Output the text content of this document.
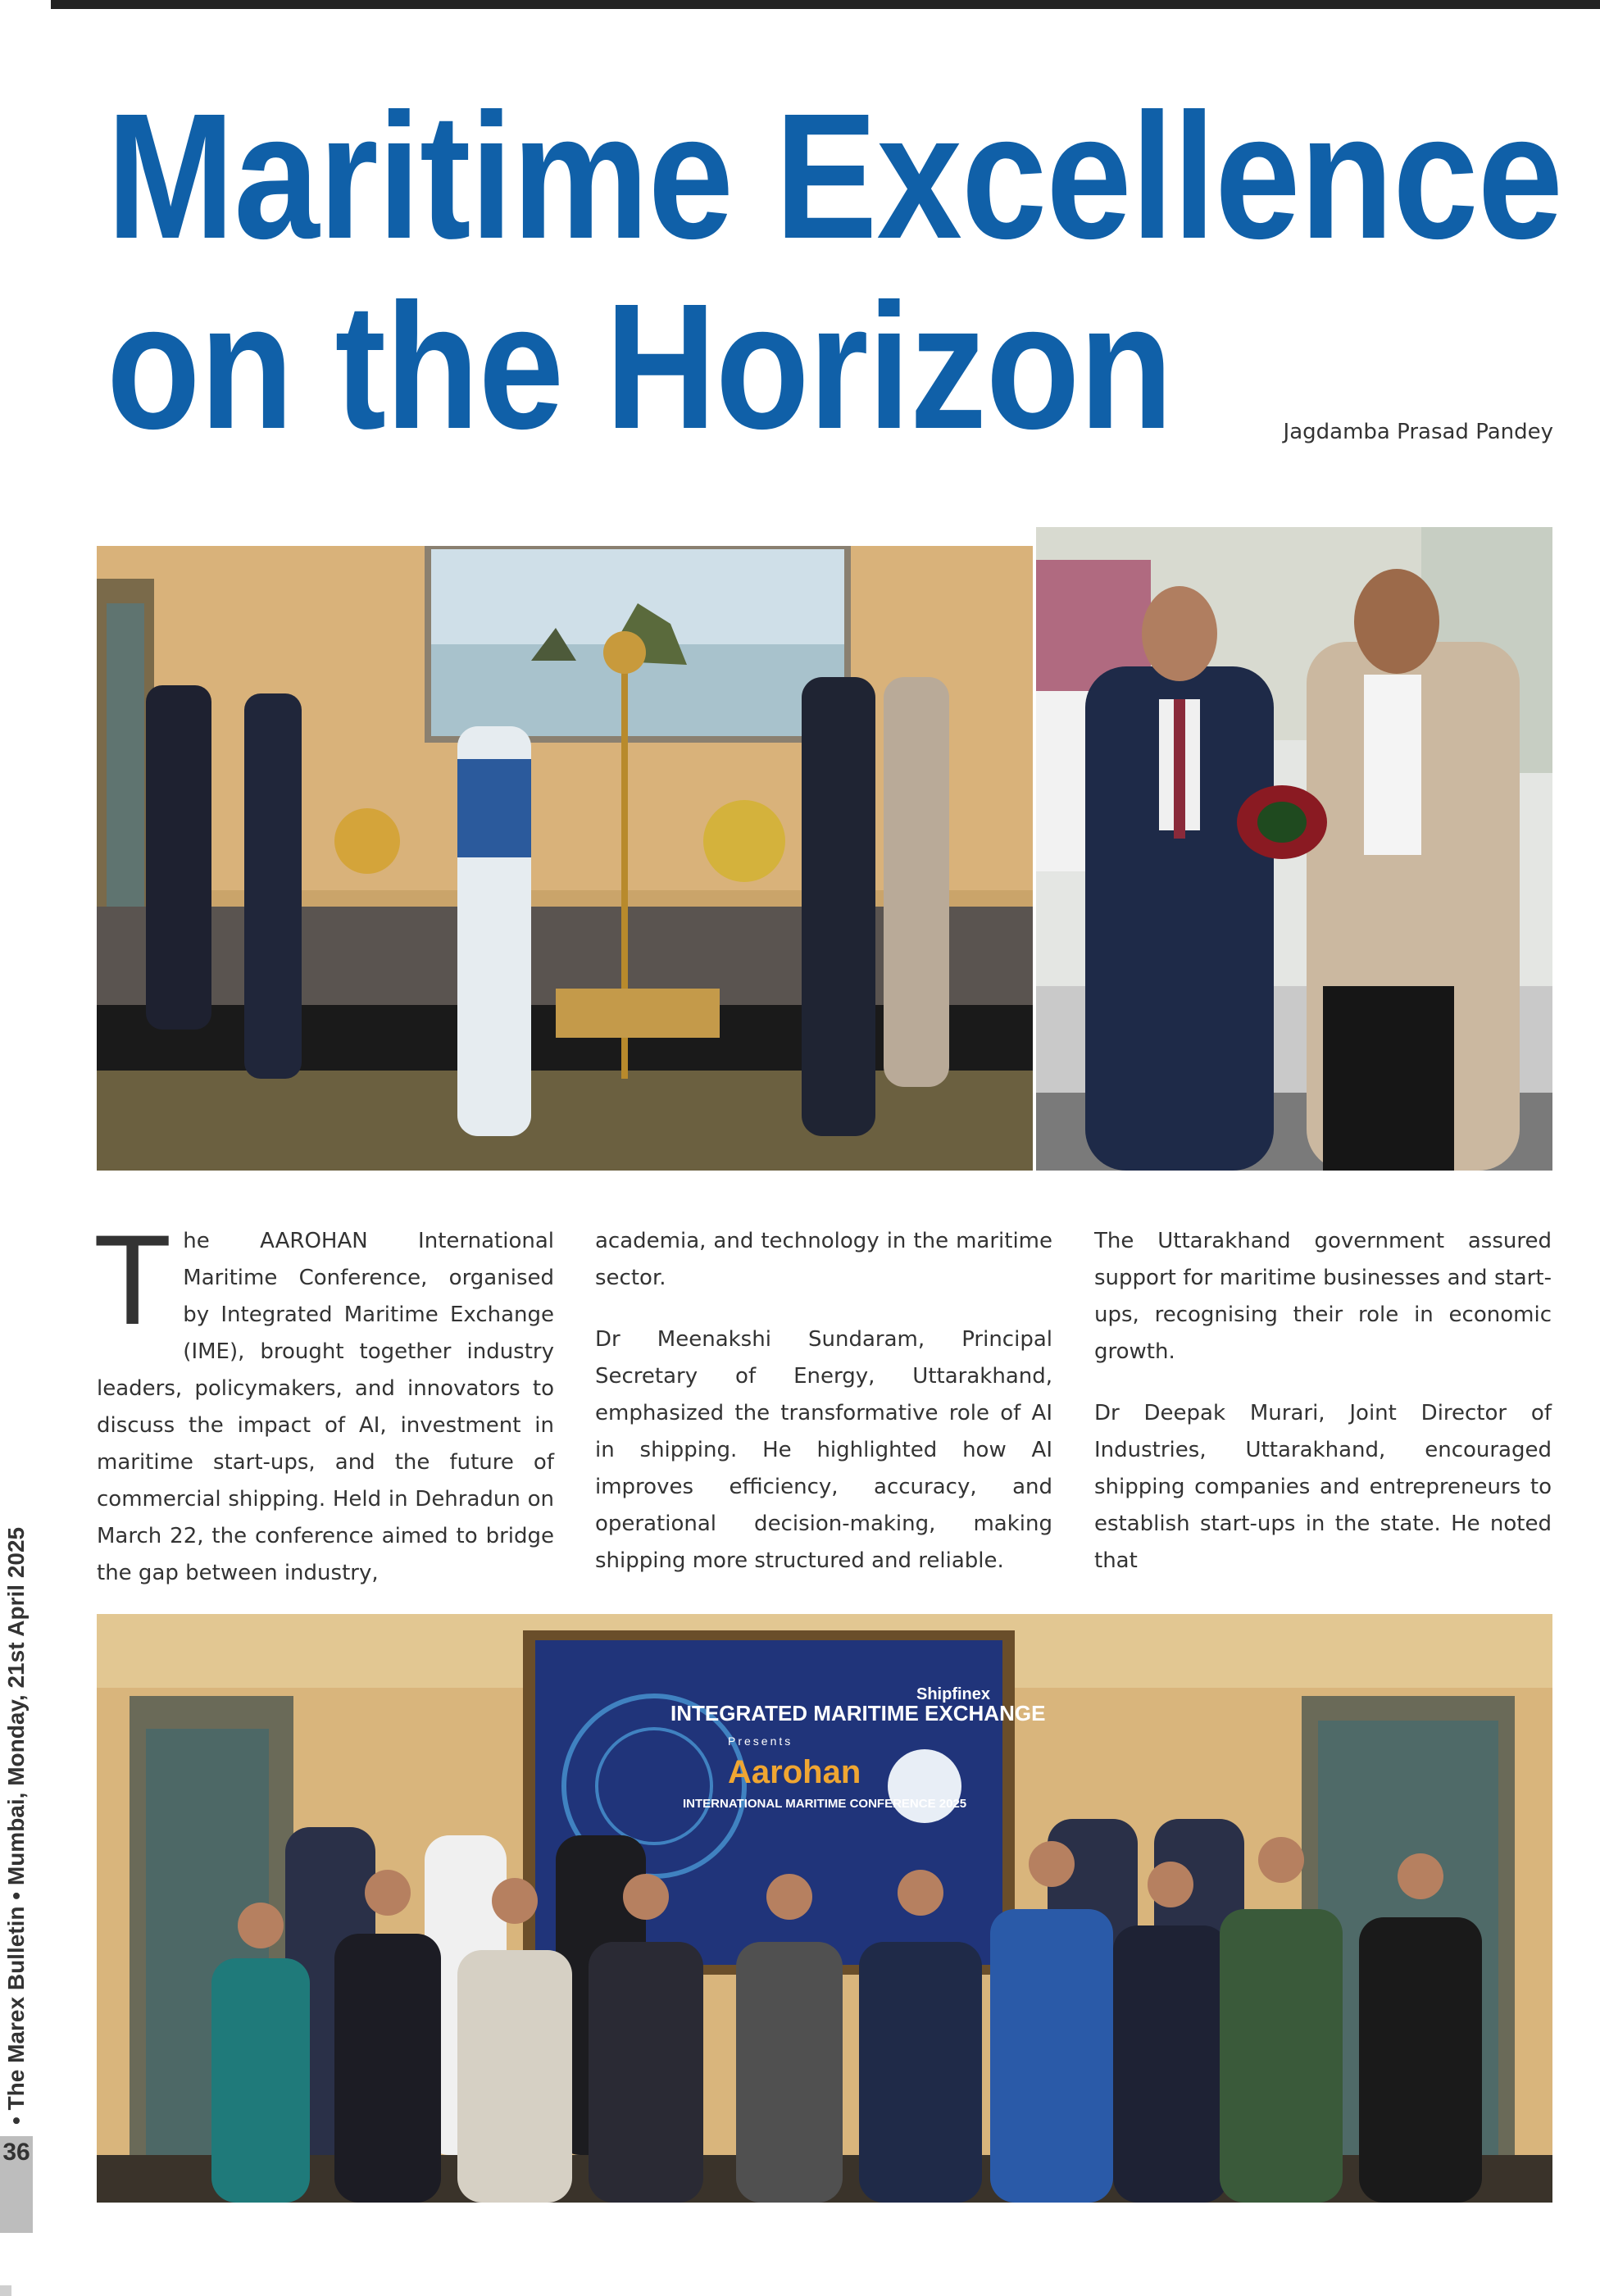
Maritime Excellence
on the Horizon	Jagdamba Prasad Pandey

The AAROHAN International Maritime Conference, organised by Integrated Maritime Exchange (IME), brought together industry leaders, policymakers, and innovators to discuss the impact of AI, investment in maritime start-ups, and the future of commercial shipping. Held in Dehradun on March 22, the conference aimed to bridge the gap between industry,

academia, and technology in the maritime sector.

Dr Meenakshi Sundaram, Principal Secretary of Energy, Uttarakhand, emphasized the transformative role of AI in shipping. He highlighted how AI improves efficiency, accuracy, and operational decision-making, making shipping more structured and reliable.

The Uttarakhand government assured support for maritime businesses and start-ups, recognising their role in economic growth.

Dr Deepak Murari, Joint Director of Industries, Uttarakhand, encouraged shipping companies and entrepreneurs to establish start-ups in the state. He noted that

INTEGRATED MARITIME EXCHANGE
Presents
Aarohan
INTERNATIONAL MARITIME CONFERENCE 2025
Shipfinex
36
• The Marex Bulletin • Mumbai, Monday, 21st April 2025
